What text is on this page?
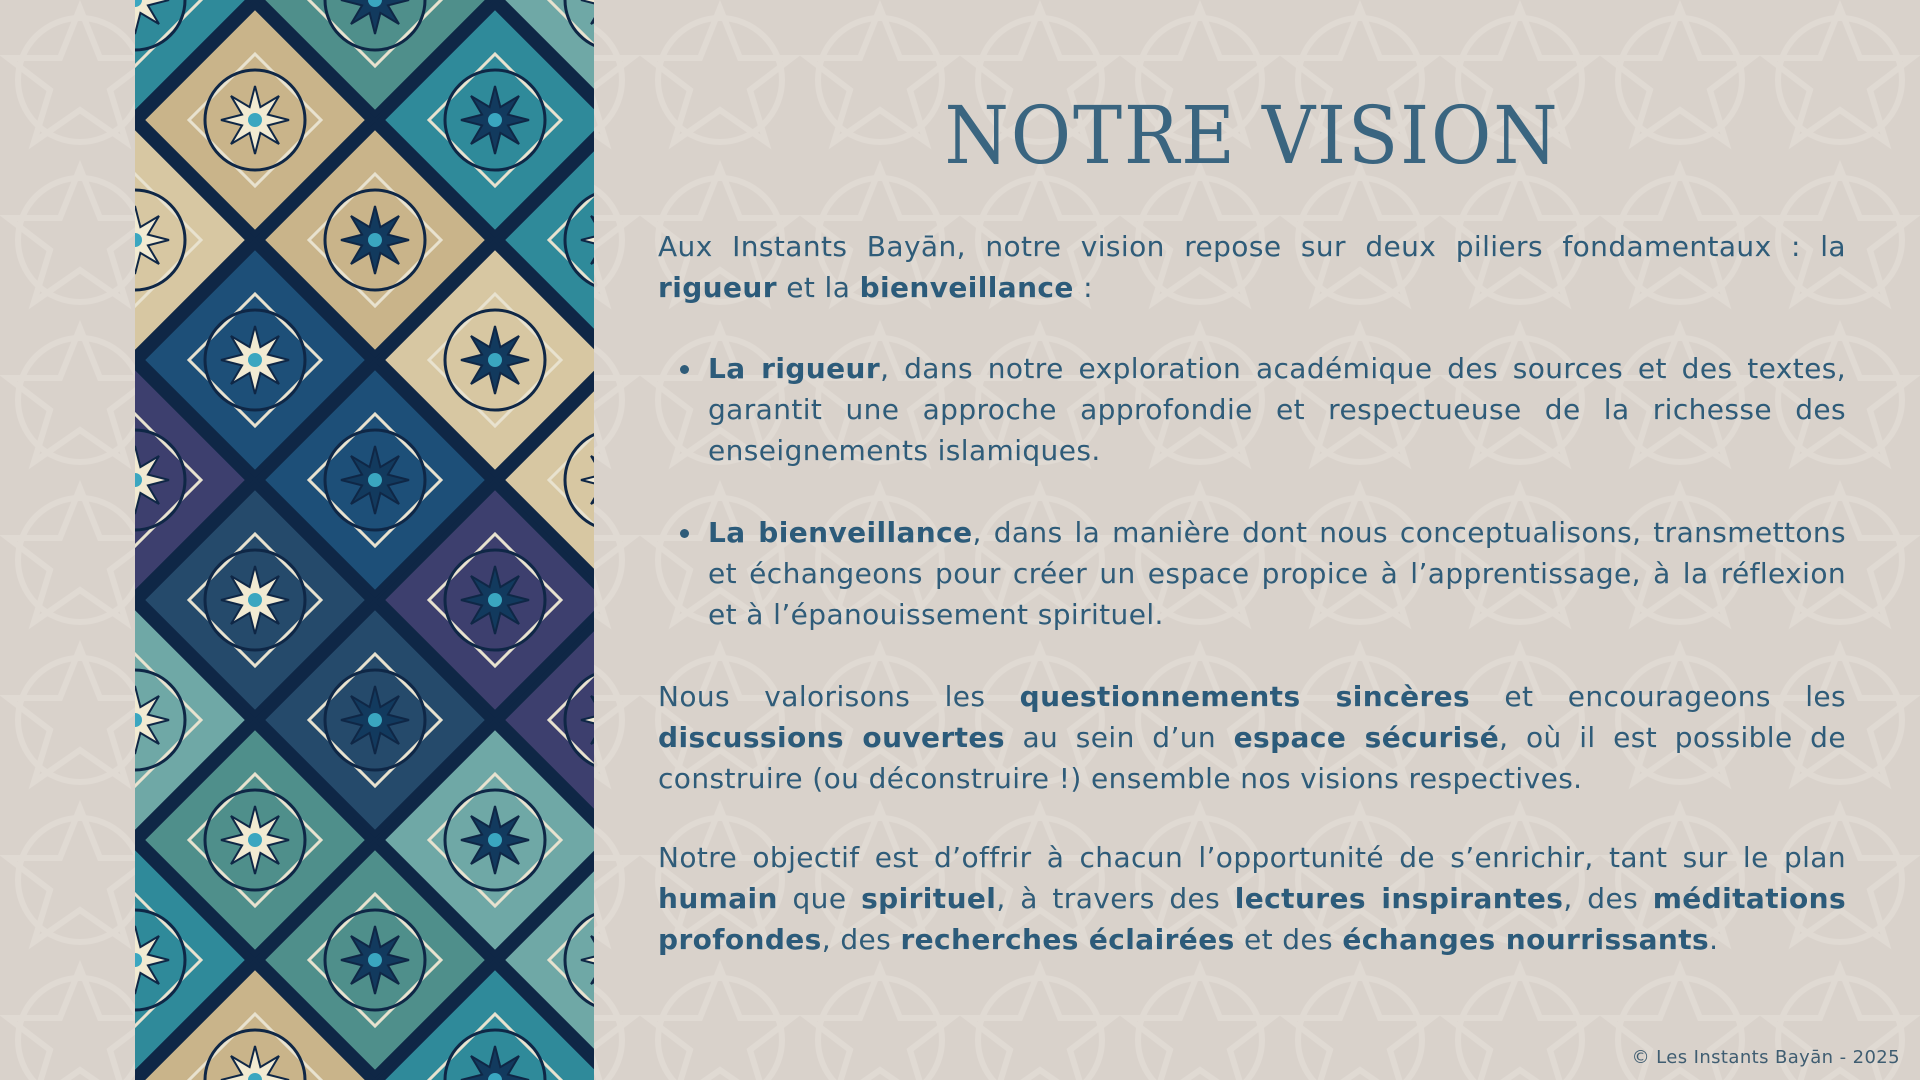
NOTRE VISION

Aux Instants Bayān, notre vision repose sur deux piliers fondamentaux : la rigueur et la bienveillance :

La rigueur, dans notre exploration académique des sources et des textes, garantit une approche approfondie et respectueuse de la richesse des enseignements islamiques.
La bienveillance, dans la manière dont nous conceptualisons, transmettons et échangeons pour créer un espace propice à l’apprentissage, à la réflexion et à l’épanouissement spirituel.

Nous valorisons les questionnements sincères et encourageons les discussions ouvertes au sein d’un espace sécurisé, où il est possible de construire (ou déconstruire !) ensemble nos visions respectives.

Notre objectif est d’offrir à chacun l’opportunité de s’enrichir, tant sur le plan humain que spirituel, à travers des lectures inspirantes, des méditations profondes, des recherches éclairées et des échanges nourrissants.

© Les Instants Bayān - 2025
